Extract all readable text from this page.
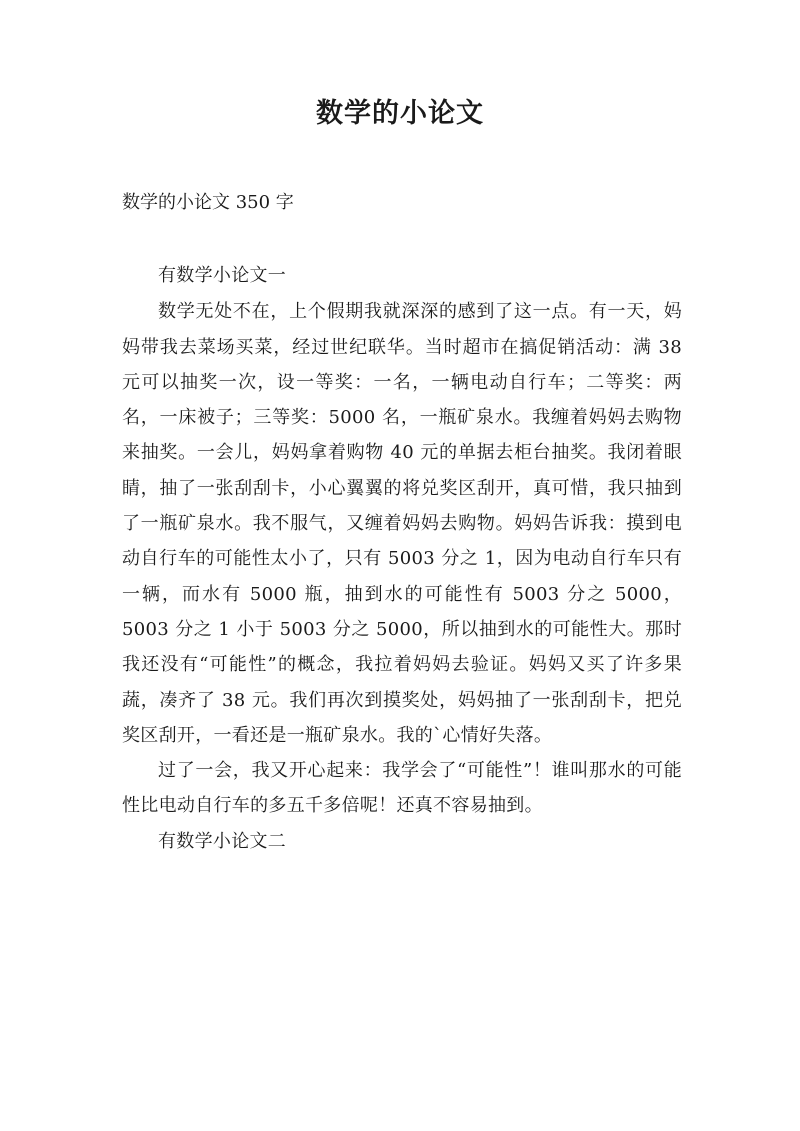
数学的小论文

数学的小论文 350 字

有数学小论文一

数学无处不在，上个假期我就深深的感到了这一点。有一天，妈妈带我去菜场买菜，经过世纪联华。当时超市在搞促销活动：满 38 元可以抽奖一次，设一等奖：一名，一辆电动自行车；二等奖：两名，一床被子；三等奖：5000 名，一瓶矿泉水。我缠着妈妈去购物来抽奖。一会儿，妈妈拿着购物 40 元的单据去柜台抽奖。我闭着眼睛，抽了一张刮刮卡，小心翼翼的将兑奖区刮开，真可惜，我只抽到了一瓶矿泉水。我不服气，又缠着妈妈去购物。妈妈告诉我：摸到电动自行车的可能性太小了，只有 5003 分之 1，因为电动自行车只有一辆，而水有 5000 瓶，抽到水的可能性有 5003 分之 5000，5003 分之 1 小于 5003 分之 5000，所以抽到水的可能性大。那时我还没有“可能性”的概念，我拉着妈妈去验证。妈妈又买了许多果蔬，凑齐了 38 元。我们再次到摸奖处，妈妈抽了一张刮刮卡，把兑奖区刮开，一看还是一瓶矿泉水。我的`心情好失落。

过了一会，我又开心起来：我学会了“可能性”！谁叫那水的可能性比电动自行车的多五千多倍呢！还真不容易抽到。

有数学小论文二
